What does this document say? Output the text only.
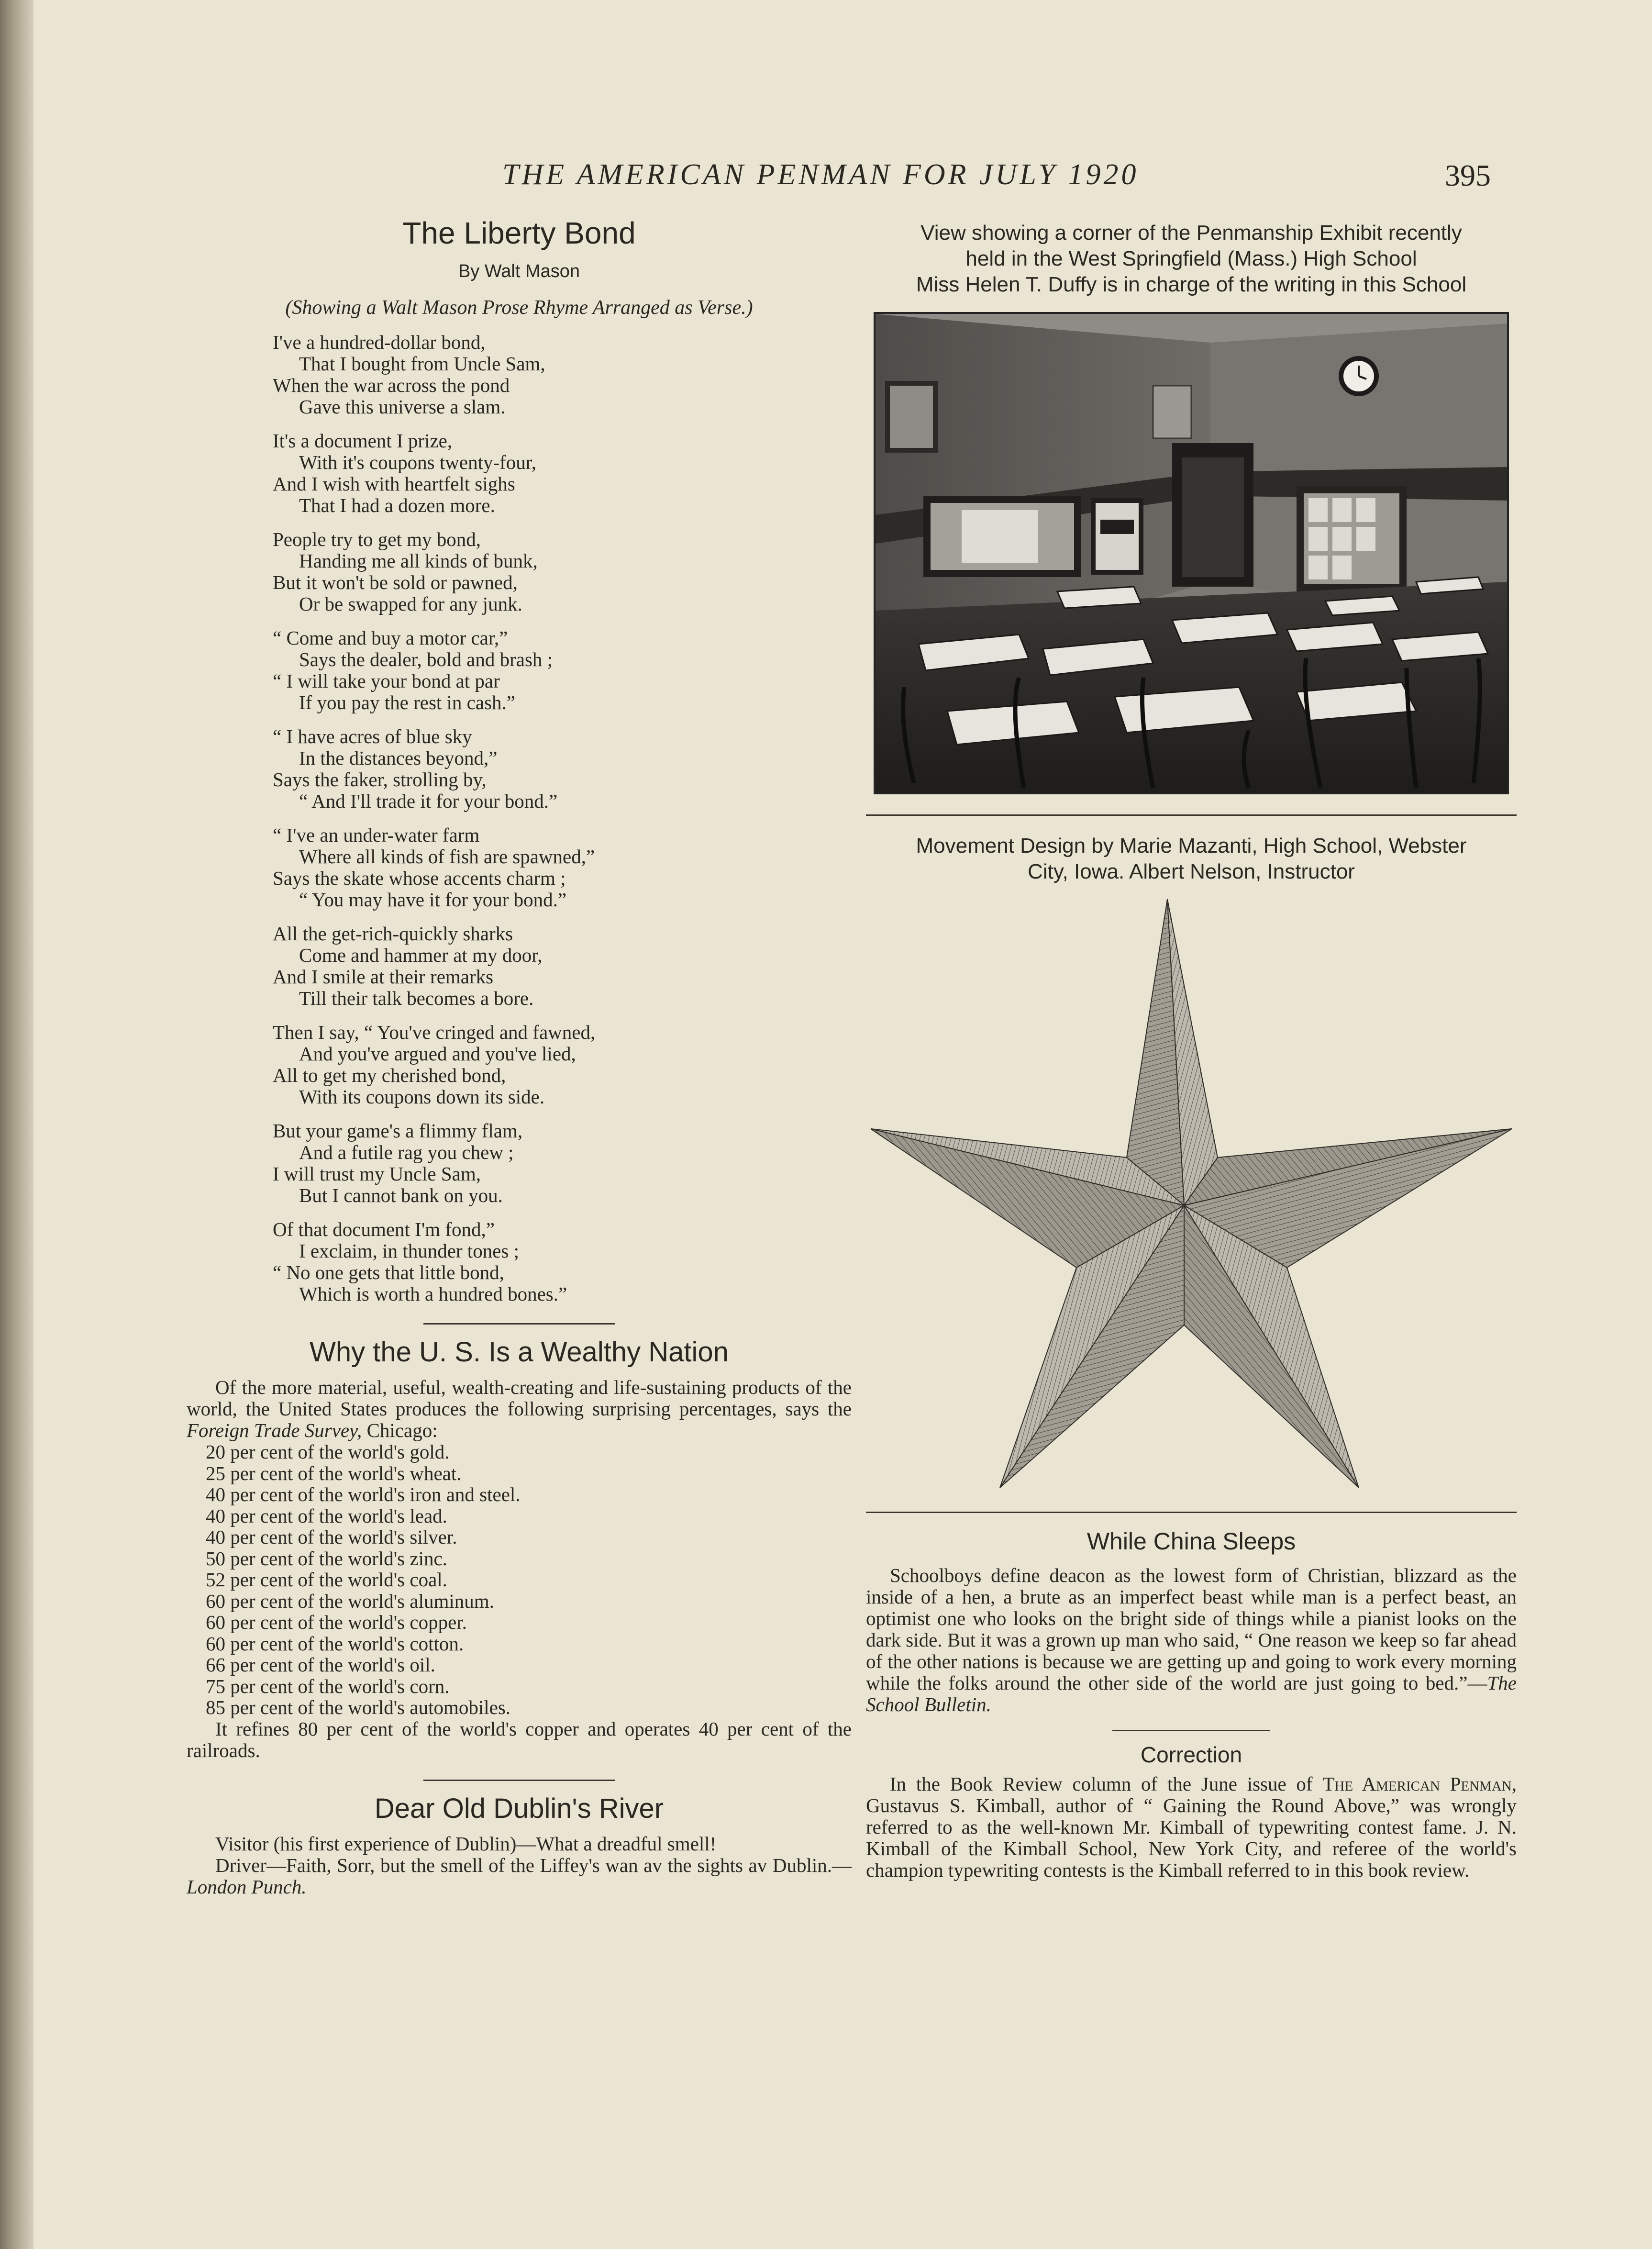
THE AMERICAN PENMAN FOR JULY 1920	395
The Liberty Bond
By Walt Mason
(Showing a Walt Mason Prose Rhyme Arranged as Verse.)
I've a hundred-dollar bond,
That I bought from Uncle Sam,
When the war across the pond
Gave this universe a slam.
It's a document I prize,
With it's coupons twenty-four,
And I wish with heartfelt sighs
That I had a dozen more.
People try to get my bond,
Handing me all kinds of bunk,
But it won't be sold or pawned,
Or be swapped for any junk.
“ Come and buy a motor car,”
Says the dealer, bold and brash ;
“ I will take your bond at par
If you pay the rest in cash.”
“ I have acres of blue sky
In the distances beyond,”
Says the faker, strolling by,
“ And I'll trade it for your bond.”
“ I've an under-water farm
Where all kinds of fish are spawned,”
Says the skate whose accents charm ;
“ You may have it for your bond.”
All the get-rich-quickly sharks
Come and hammer at my door,
And I smile at their remarks
Till their talk becomes a bore.
Then I say, “ You've cringed and fawned,
And you've argued and you've lied,
All to get my cherished bond,
With its coupons down its side.
But your game's a flimmy flam,
And a futile rag you chew ;
I will trust my Uncle Sam,
But I cannot bank on you.
Of that document I'm fond,”
I exclaim, in thunder tones ;
“ No one gets that little bond,
Which is worth a hundred bones.”
Why the U. S. Is a Wealthy Nation

Of the more material, useful, wealth-creating and life-sustaining products of the world, the United States produces the following surprising percentages, says the Foreign Trade Survey, Chicago:

20 per cent of the world's gold.
25 per cent of the world's wheat.
40 per cent of the world's iron and steel.
40 per cent of the world's lead.
40 per cent of the world's silver.
50 per cent of the world's zinc.
52 per cent of the world's coal.
60 per cent of the world's aluminum.
60 per cent of the world's copper.
60 per cent of the world's cotton.
66 per cent of the world's oil.
75 per cent of the world's corn.
85 per cent of the world's automobiles.

It refines 80 per cent of the world's copper and operates 40 per cent of the railroads.

Dear Old Dublin's River

Visitor (his first experience of Dublin)—What a dreadful smell!

Driver—Faith, Sorr, but the smell of the Liffey's wan av the sights av Dublin.—London Punch.

View showing a corner of the Penmanship Exhibit recently
held in the West Springfield (Mass.) High School
Miss Helen T. Duffy is in charge of the writing in this School
Movement Design by Marie Mazanti, High School, Webster
City, Iowa. Albert Nelson, Instructor
While China Sleeps

Schoolboys define deacon as the lowest form of Christian, blizzard as the inside of a hen, a brute as an imperfect beast while man is a perfect beast, an optimist one who looks on the bright side of things while a pianist looks on the dark side. But it was a grown up man who said, “ One reason we keep so far ahead of the other nations is because we are getting up and going to work every morning while the folks around the other side of the world are just going to bed.”—The School Bulletin.

Correction

In the Book Review column of the June issue of The American Penman, Gustavus S. Kimball, author of “ Gaining the Round Above,” was wrongly referred to as the well-known Mr. Kimball of typewriting contest fame. J. N. Kimball of the Kimball School, New York City, and referee of the world's champion typewriting contests is the Kimball referred to in this book review.
